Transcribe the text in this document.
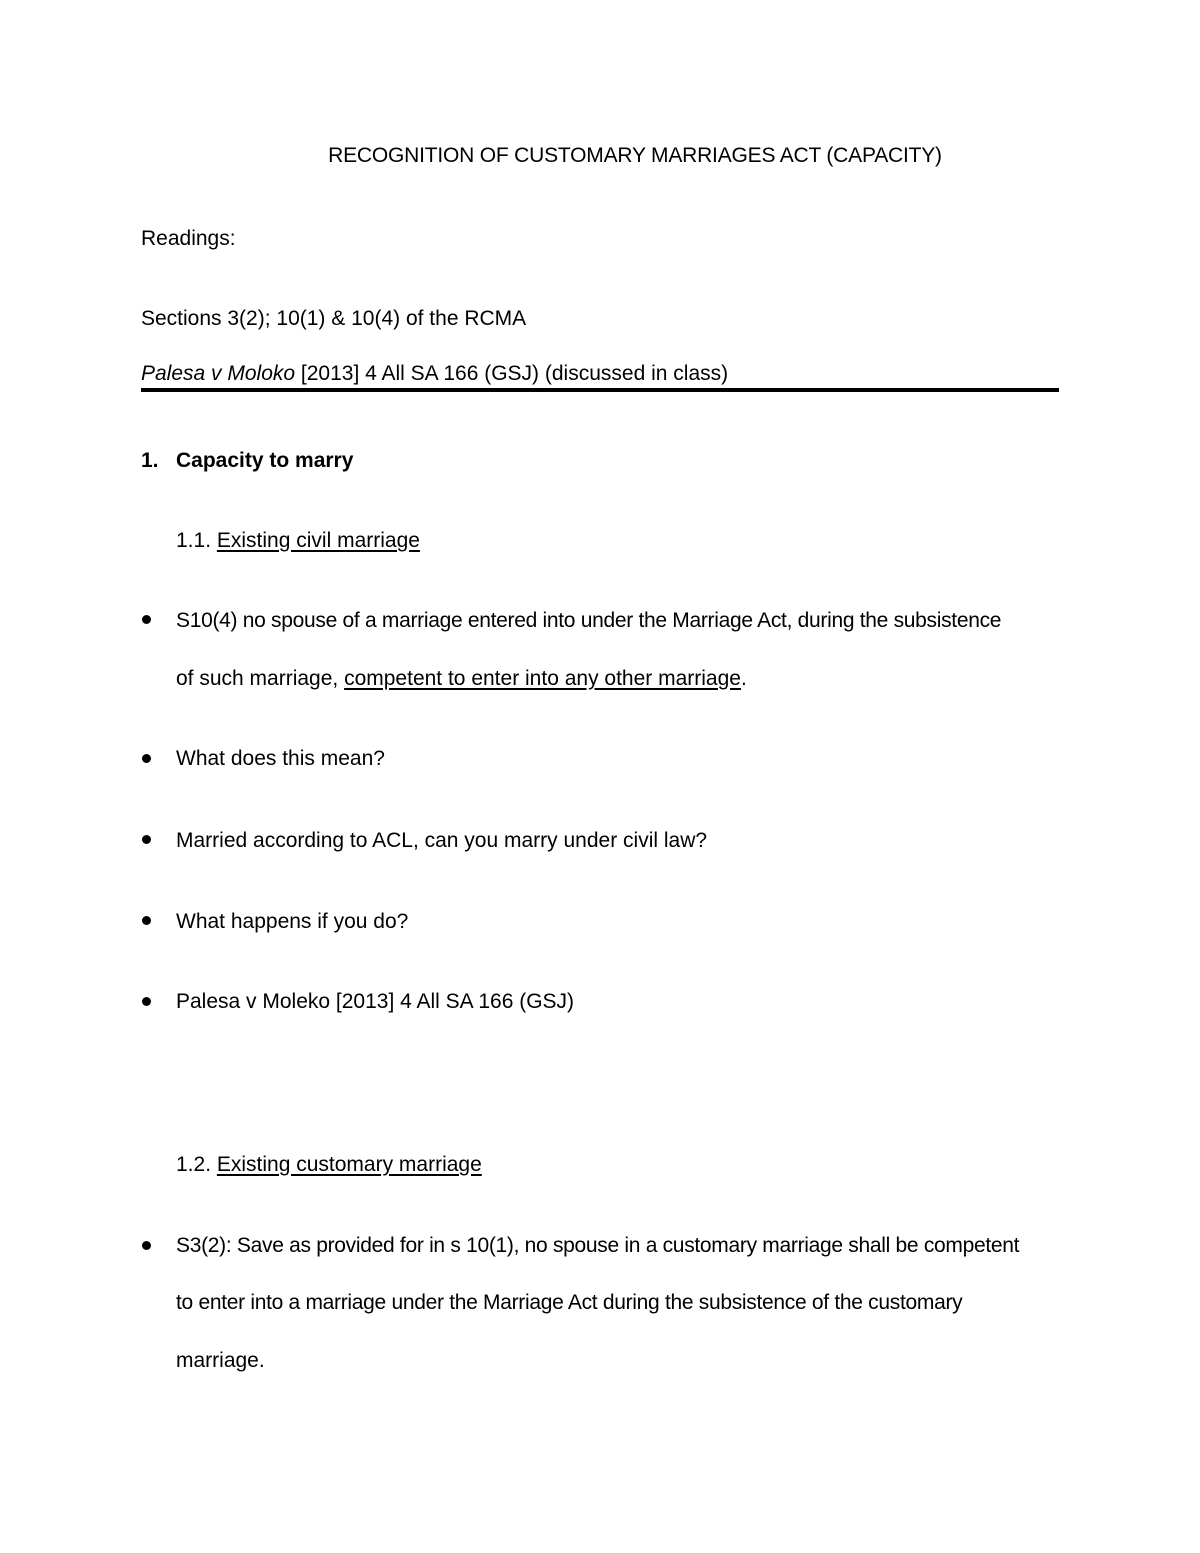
RECOGNITION OF CUSTOMARY MARRIAGES ACT (CAPACITY)
Readings:
Sections 3(2); 10(1) & 10(4) of the RCMA
Palesa v Moloko [2013] 4 All SA 166 (GSJ) (discussed in class)
1. Capacity to marry
1.1. Existing civil marriage
S10(4) no spouse of a marriage entered into under the Marriage Act, during the subsistence
of such marriage, competent to enter into any other marriage.
What does this mean?
Married according to ACL, can you marry under civil law?
What happens if you do?
Palesa v Moleko [2013] 4 All SA 166 (GSJ)
1.2. Existing customary marriage
S3(2): Save as provided for in s 10(1), no spouse in a customary marriage shall be competent
to enter into a marriage under the Marriage Act during the subsistence of the customary
marriage.
